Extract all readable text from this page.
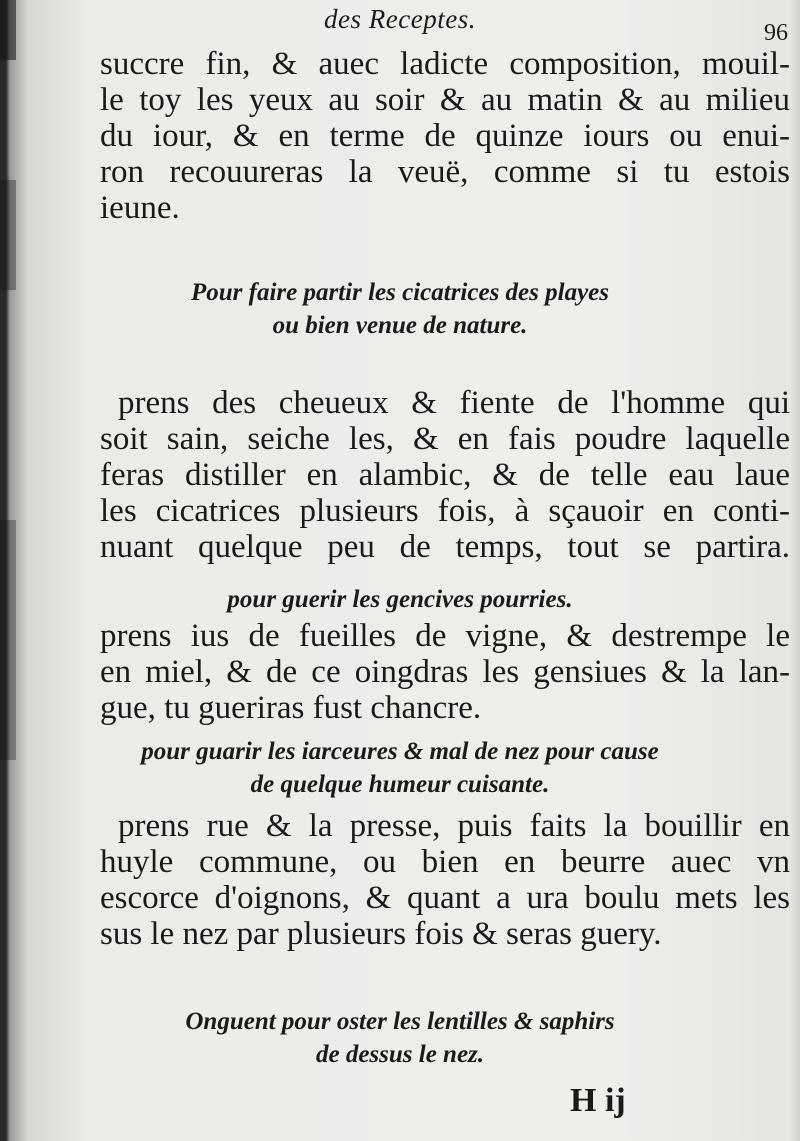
des Receptes.	96
succre fin, & auec ladicte composition, mouil-
le toy les yeux au soir & au matin & au milieu
du iour, & en terme de quinze iours ou enui-
ron recouureras la veuë, comme si tu estois
ieune.
Pour faire partir les cicatrices des playes
ou bien venue de nature.
prens des cheueux & fiente de l'homme qui
soit sain, seiche les, & en fais poudre laquelle
feras distiller en alambic, & de telle eau laue
les cicatrices plusieurs fois, à sçauoir en conti-
nuant quelque peu de temps, tout se partira.
pour guerir les gencives pourries.
prens ius de fueilles de vigne, & destrempe le
en miel, & de ce oingdras les gensiues & la lan-
gue, tu gueriras fust chancre.
pour guarir les iarceures & mal de nez pour cause
de quelque humeur cuisante.
prens rue & la presse, puis faits la bouillir en
huyle commune, ou bien en beurre auec vn
escorce d'oignons, & quant a ura boulu mets les
sus le nez par plusieurs fois & seras guery.
Onguent pour oster les lentilles & saphirs
de dessus le nez.
H ij
